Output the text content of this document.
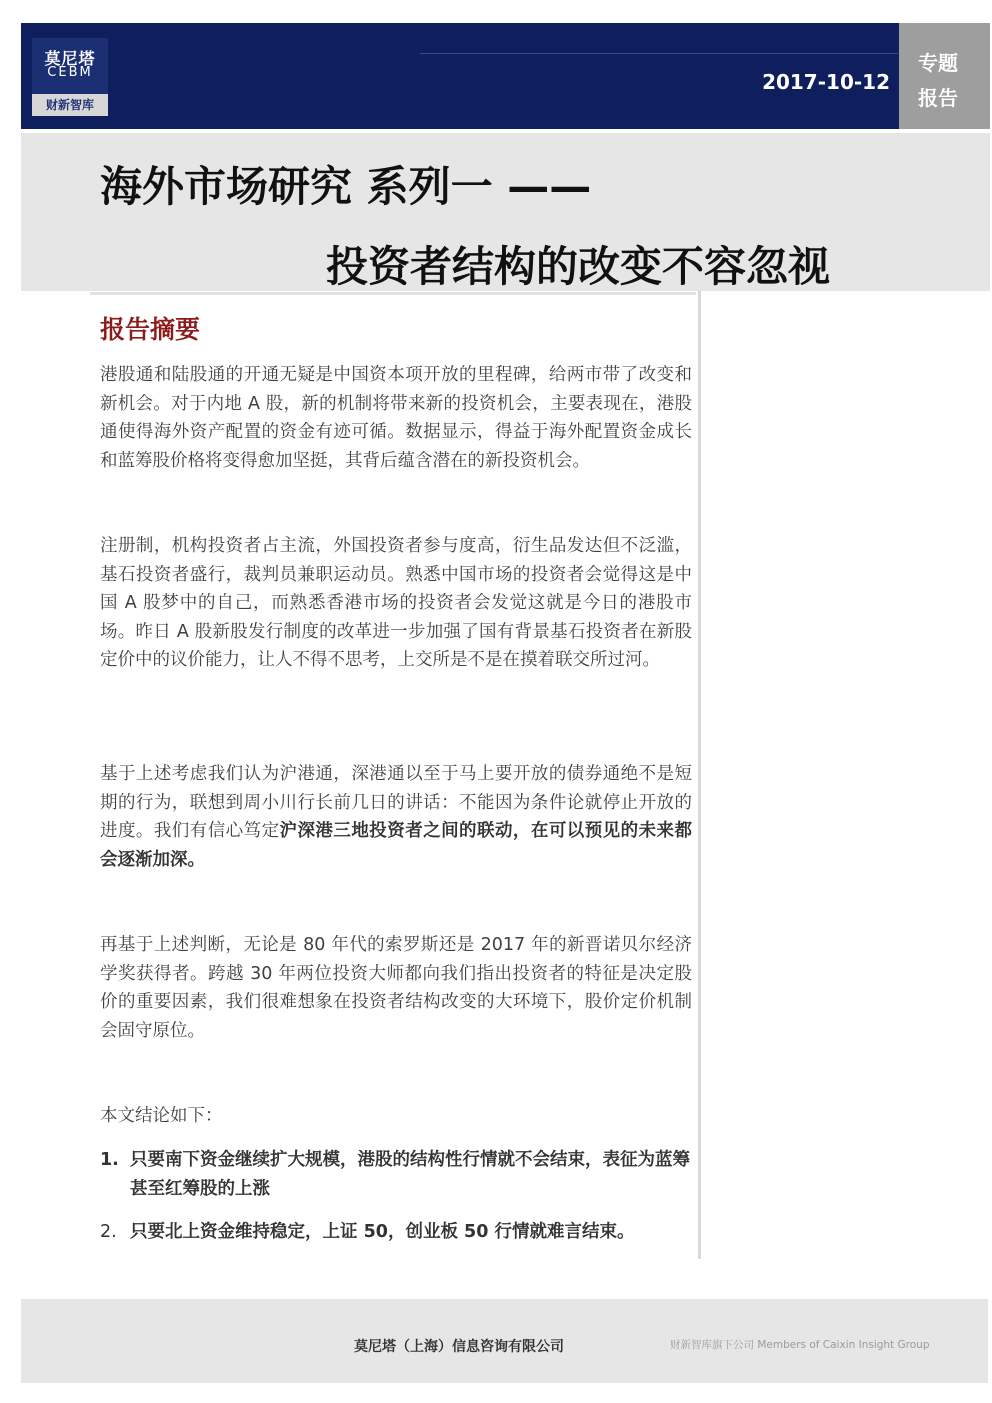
莫尼塔
CEBM
财新智库
2017-10-12
专题
报告
海外市场研究 系列一 ——
投资者结构的改变不容忽视
报告摘要

港股通和陆股通的开通无疑是中国资本项开放的里程碑，给两市带了改变和新机会。对于内地 A 股，新的机制将带来新的投资机会，主要表现在，港股通使得海外资产配置的资金有迹可循。数据显示，得益于海外配置资金成长和蓝筹股价格将变得愈加坚挺，其背后蕴含潜在的新投资机会。

注册制，机构投资者占主流，外国投资者参与度高，衍生品发达但不泛滥，基石投资者盛行，裁判员兼职运动员。熟悉中国市场的投资者会觉得这是中国 A 股梦中的自己，而熟悉香港市场的投资者会发觉这就是今日的港股市场。昨日 A 股新股发行制度的改革进一步加强了国有背景基石投资者在新股定价中的议价能力，让人不得不思考，上交所是不是在摸着联交所过河。

基于上述考虑我们认为沪港通，深港通以至于马上要开放的债券通绝不是短期的行为，联想到周小川行长前几日的讲话：不能因为条件论就停止开放的进度。我们有信心笃定沪深港三地投资者之间的联动，在可以预见的未来都会逐渐加深。

再基于上述判断，无论是 80 年代的索罗斯还是 2017 年的新晋诺贝尔经济学奖获得者。跨越 30 年两位投资大师都向我们指出投资者的特征是决定股价的重要因素，我们很难想象在投资者结构改变的大环境下，股价定价机制会固守原位。

本文结论如下：

1. 只要南下资金继续扩大规模，港股的结构性行情就不会结束，表征为蓝筹甚至红筹股的上涨
2. 只要北上资金维持稳定，上证 50，创业板 50 行情就难言结束。
莫尼塔（上海）信息咨询有限公司	财新智库旗下公司 Members of Caixin Insight Group
